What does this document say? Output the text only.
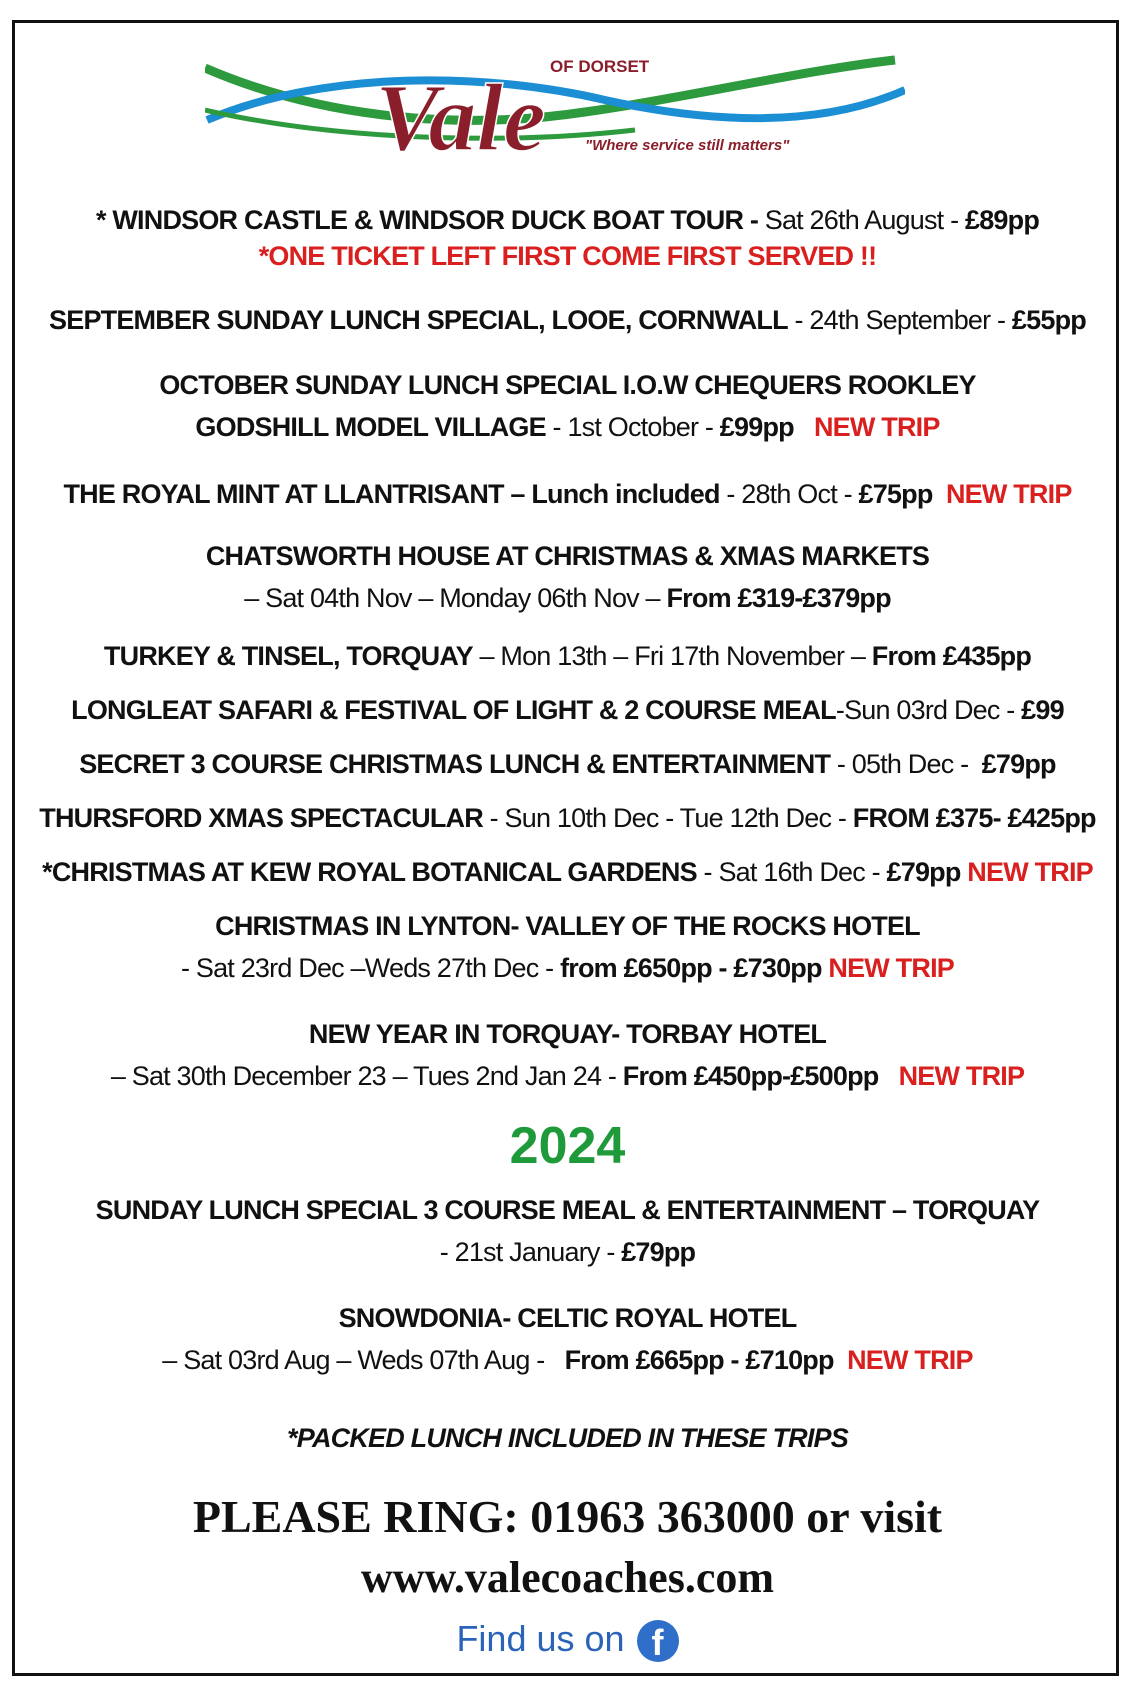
Vale OF DORSET
"Where service still matters"
* WINDSOR CASTLE & WINDSOR DUCK BOAT TOUR - Sat 26th August - £89pp
*ONE TICKET LEFT FIRST COME FIRST SERVED !!
SEPTEMBER SUNDAY LUNCH SPECIAL, LOOE, CORNWALL - 24th September - £55pp
OCTOBER SUNDAY LUNCH SPECIAL I.O.W CHEQUERS ROOKLEY
GODSHILL MODEL VILLAGE - 1st October - £99pp NEW TRIP
THE ROYAL MINT AT LLANTRISANT – Lunch included - 28th Oct - £75pp NEW TRIP
CHATSWORTH HOUSE AT CHRISTMAS & XMAS MARKETS
– Sat 04th Nov – Monday 06th Nov – From £319-£379pp
TURKEY & TINSEL, TORQUAY – Mon 13th – Fri 17th November – From £435pp
LONGLEAT SAFARI & FESTIVAL OF LIGHT & 2 COURSE MEAL-Sun 03rd Dec - £99
SECRET 3 COURSE CHRISTMAS LUNCH & ENTERTAINMENT - 05th Dec -  £79pp
THURSFORD XMAS SPECTACULAR - Sun 10th Dec - Tue 12th Dec - FROM £375- £425pp
*CHRISTMAS AT KEW ROYAL BOTANICAL GARDENS - Sat 16th Dec - £79pp NEW TRIP
CHRISTMAS IN LYNTON- VALLEY OF THE ROCKS HOTEL
- Sat 23rd Dec –Weds 27th Dec - from £650pp - £730pp NEW TRIP
NEW YEAR IN TORQUAY- TORBAY HOTEL
– Sat 30th December 23 – Tues 2nd Jan 24 - From £450pp-£500pp NEW TRIP
2024
SUNDAY LUNCH SPECIAL 3 COURSE MEAL & ENTERTAINMENT – TORQUAY
- 21st January - £79pp
SNOWDONIA- CELTIC ROYAL HOTEL
– Sat 03rd Aug – Weds 07th Aug -   From £665pp - £710pp NEW TRIP
*PACKED LUNCH INCLUDED IN THESE TRIPS
PLEASE RING: 01963 363000 or visit
www.valecoaches.com
Find us on f
